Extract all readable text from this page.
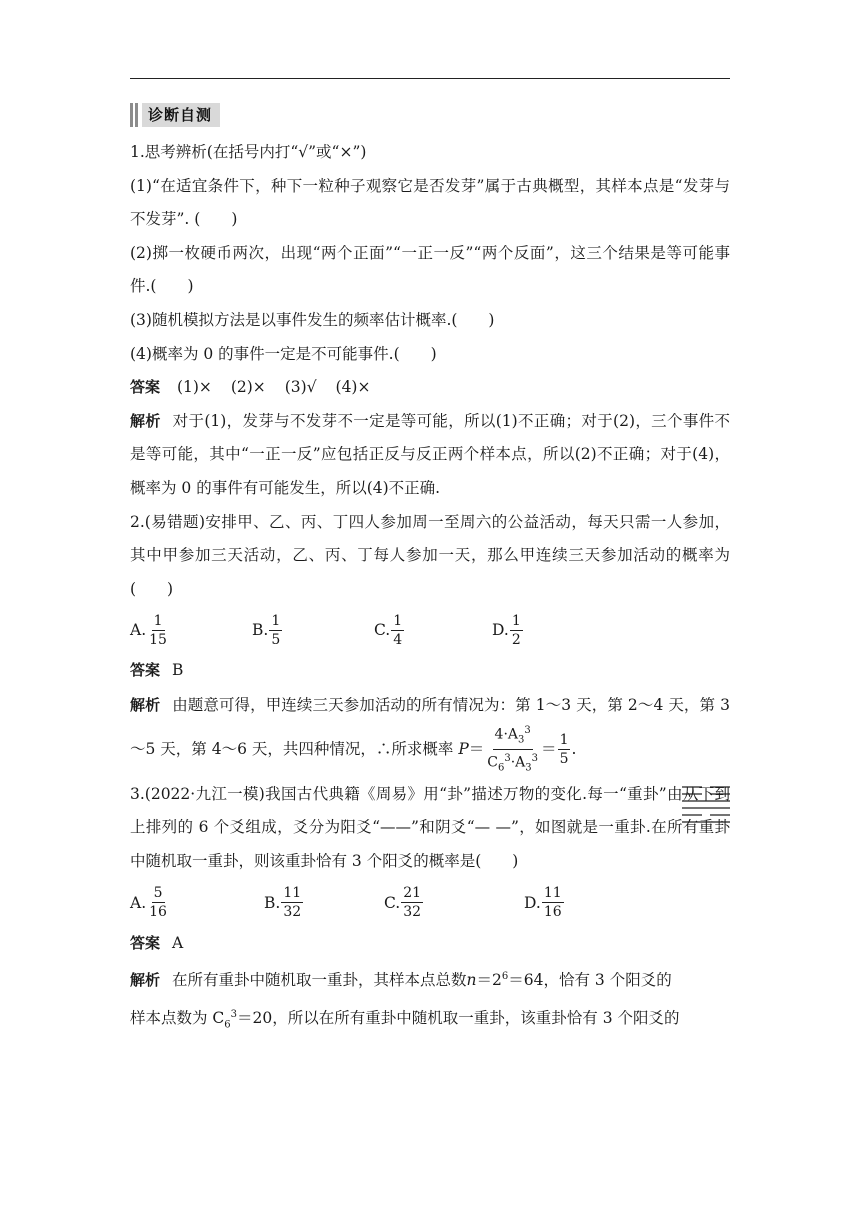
诊断自测

1.思考辨析(在括号内打“√”或“×”)

(1)“在适宜条件下，种下一粒种子观察它是否发芽”属于古典概型，其样本点是“发芽与不发芽”. (　　)

(2)掷一枚硬币两次，出现“两个正面”“一正一反”“两个反面”，这三个结果是等可能事件.(　　)

(3)随机模拟方法是以事件发生的频率估计概率.(　　)

(4)概率为 0 的事件一定是不可能事件.(　　)

答案 (1)× (2)× (3)√ (4)×

解析 对于(1)，发芽与不发芽不一定是等可能，所以(1)不正确；对于(2)，三个事件不是等可能，其中“一正一反”应包括正反与反正两个样本点，所以(2)不正确；对于(4)，概率为 0 的事件有可能发生，所以(4)不正确.

2.(易错题)安排甲、乙、丙、丁四人参加周一至周六的公益活动，每天只需一人参加，其中甲参加三天活动，乙、丙、丁每人参加一天，那么甲连续三天参加活动的概率为(　　)

A. $\frac{1}{15}$	B. $\frac{1}{5}$	C. $\frac{1}{4}$	D. $\frac{1}{2}$

答案 B

解析 由题意可得，甲连续三天参加活动的所有情况为：第 1～3 天，第 2～4 天，第 3～5 天，第 4～6 天，共四种情况，∴所求概率 $P= \frac{4\cdot A_3^3}{C_6^3\cdot A_3^3} = \frac{1}{5}$ .

3.(2022·九江一模)我国古代典籍《周易》用“卦”描述万物的变化.每一“重卦”由从下到上排列的 6 个爻组成，爻分为阳爻“——”和阴爻“— —”，如图就是一重卦.在所有重卦中随机取一重卦，则该重卦恰有 3 个阳爻的概率是(　　)

A. $\frac{5}{16}$	B. $\frac{11}{32}$	C. $\frac{21}{32}$	D. $\frac{11}{16}$

答案 A

解析 在所有重卦中随机取一重卦，其样本点总数$n=2^6=64$，恰有 3 个阳爻的

样本点数为 $C_6^3=20$，所以在所有重卦中随机取一重卦，该重卦恰有 3 个阳爻的
